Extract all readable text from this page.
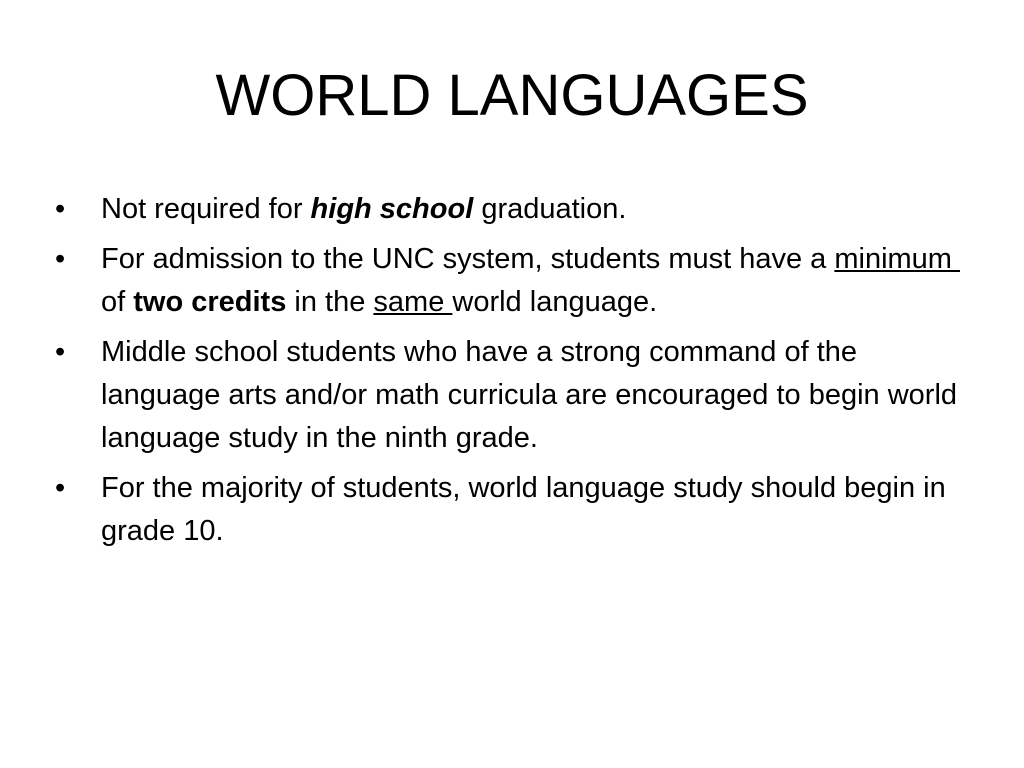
WORLD LANGUAGES
• Not required for high school graduation.
• For admission to the UNC system, students must have a minimum  of two credits in the same world language.
• Middle school students who have a strong command of the language arts and/or math curricula are encouraged to begin world language study in the ninth grade.
• For the majority of students, world language study should begin in grade 10.
